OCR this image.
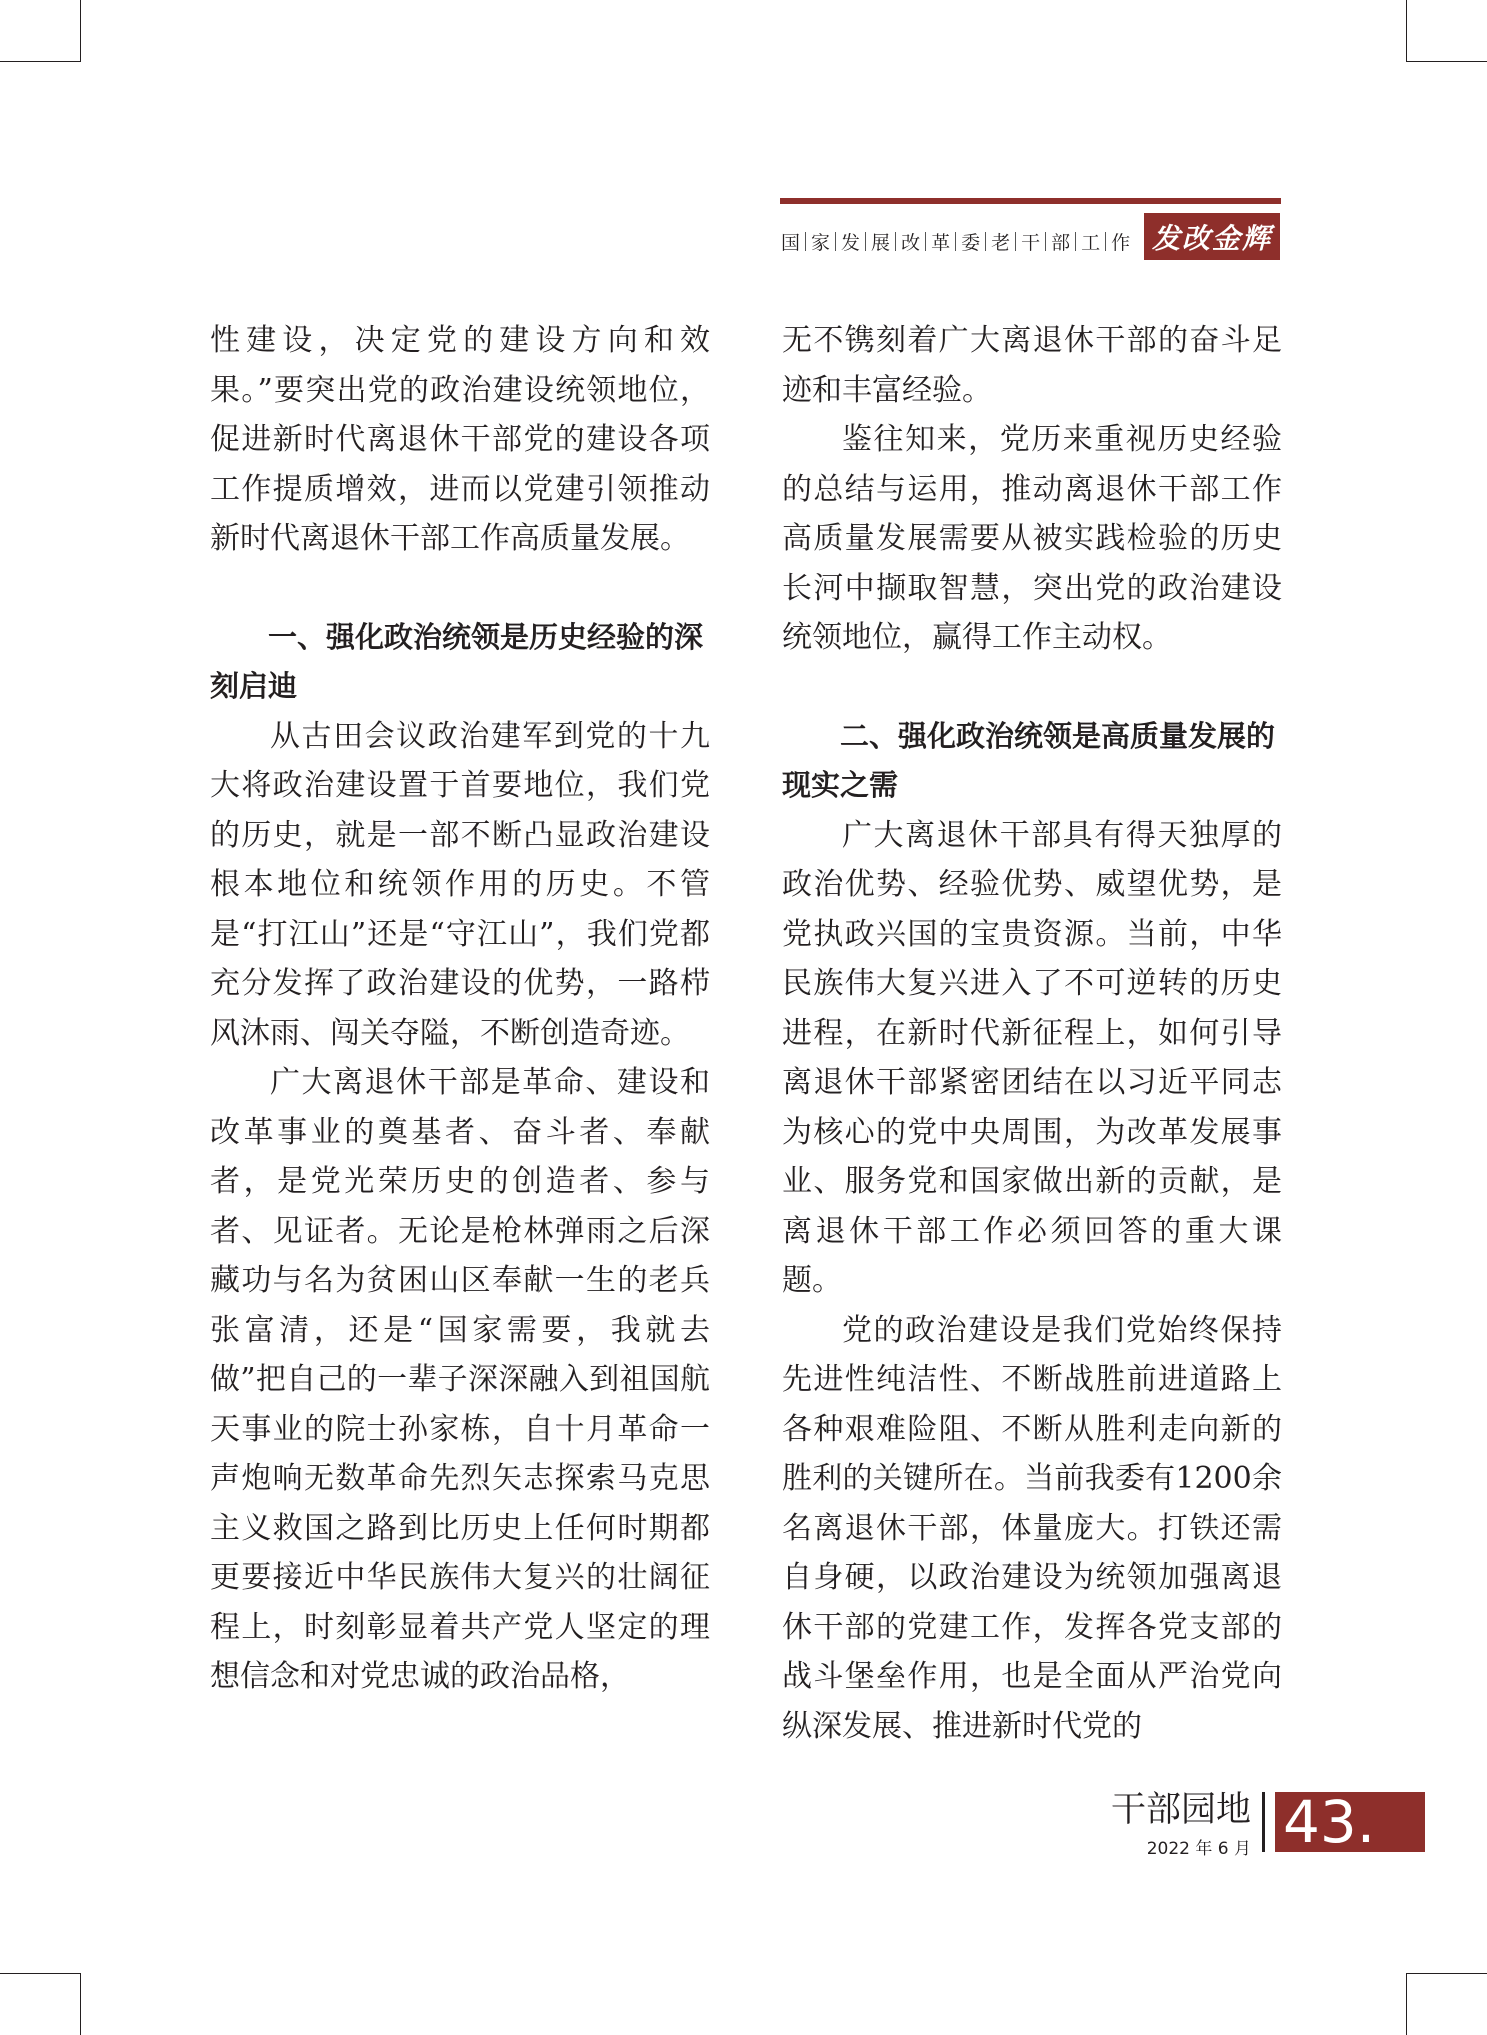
国 家 发 展 改 革 委 老 干 部 工 作 发改金辉

性建设，决定党的建设方向和效果。”要突出党的政治建设统领地位，促进新时代离退休干部党的建设各项工作提质增效，进而以党建引领推动新时代离退休干部工作高质量发展。

一、强化政治统领是历史经验的深刻启迪

从古田会议政治建军到党的十九大将政治建设置于首要地位，我们党的历史，就是一部不断凸显政治建设根本地位和统领作用的历史。不管是“打江山”还是“守江山”，我们党都充分发挥了政治建设的优势，一路栉风沐雨、闯关夺隘，不断创造奇迹。

广大离退休干部是革命、建设和改革事业的奠基者、奋斗者、奉献者，是党光荣历史的创造者、参与者、见证者。无论是枪林弹雨之后深藏功与名为贫困山区奉献一生的老兵张富清，还是“国家需要，我就去做”把自己的一辈子深深融入到祖国航天事业的院士孙家栋，自十月革命一声炮响无数革命先烈矢志探索马克思主义救国之路到比历史上任何时期都更要接近中华民族伟大复兴的壮阔征程上，时刻彰显着共产党人坚定的理想信念和对党忠诚的政治品格，

无不镌刻着广大离退休干部的奋斗足迹和丰富经验。

鉴往知来，党历来重视历史经验的总结与运用，推动离退休干部工作高质量发展需要从被实践检验的历史长河中撷取智慧，突出党的政治建设统领地位，赢得工作主动权。

二、强化政治统领是高质量发展的现实之需

广大离退休干部具有得天独厚的政治优势、经验优势、威望优势，是党执政兴国的宝贵资源。当前，中华民族伟大复兴进入了不可逆转的历史进程，在新时代新征程上，如何引导离退休干部紧密团结在以习近平同志为核心的党中央周围，为改革发展事业、服务党和国家做出新的贡献，是离退休干部工作必须回答的重大课题。

党的政治建设是我们党始终保持先进性纯洁性、不断战胜前进道路上各种艰难险阻、不断从胜利走向新的胜利的关键所在。当前我委有1200余名离退休干部，体量庞大。打铁还需自身硬，以政治建设为统领加强离退休干部的党建工作，发挥各党支部的战斗堡垒作用，也是全面从严治党向纵深发展、推进新时代党的

干部园地
2022 年 6 月 43.
